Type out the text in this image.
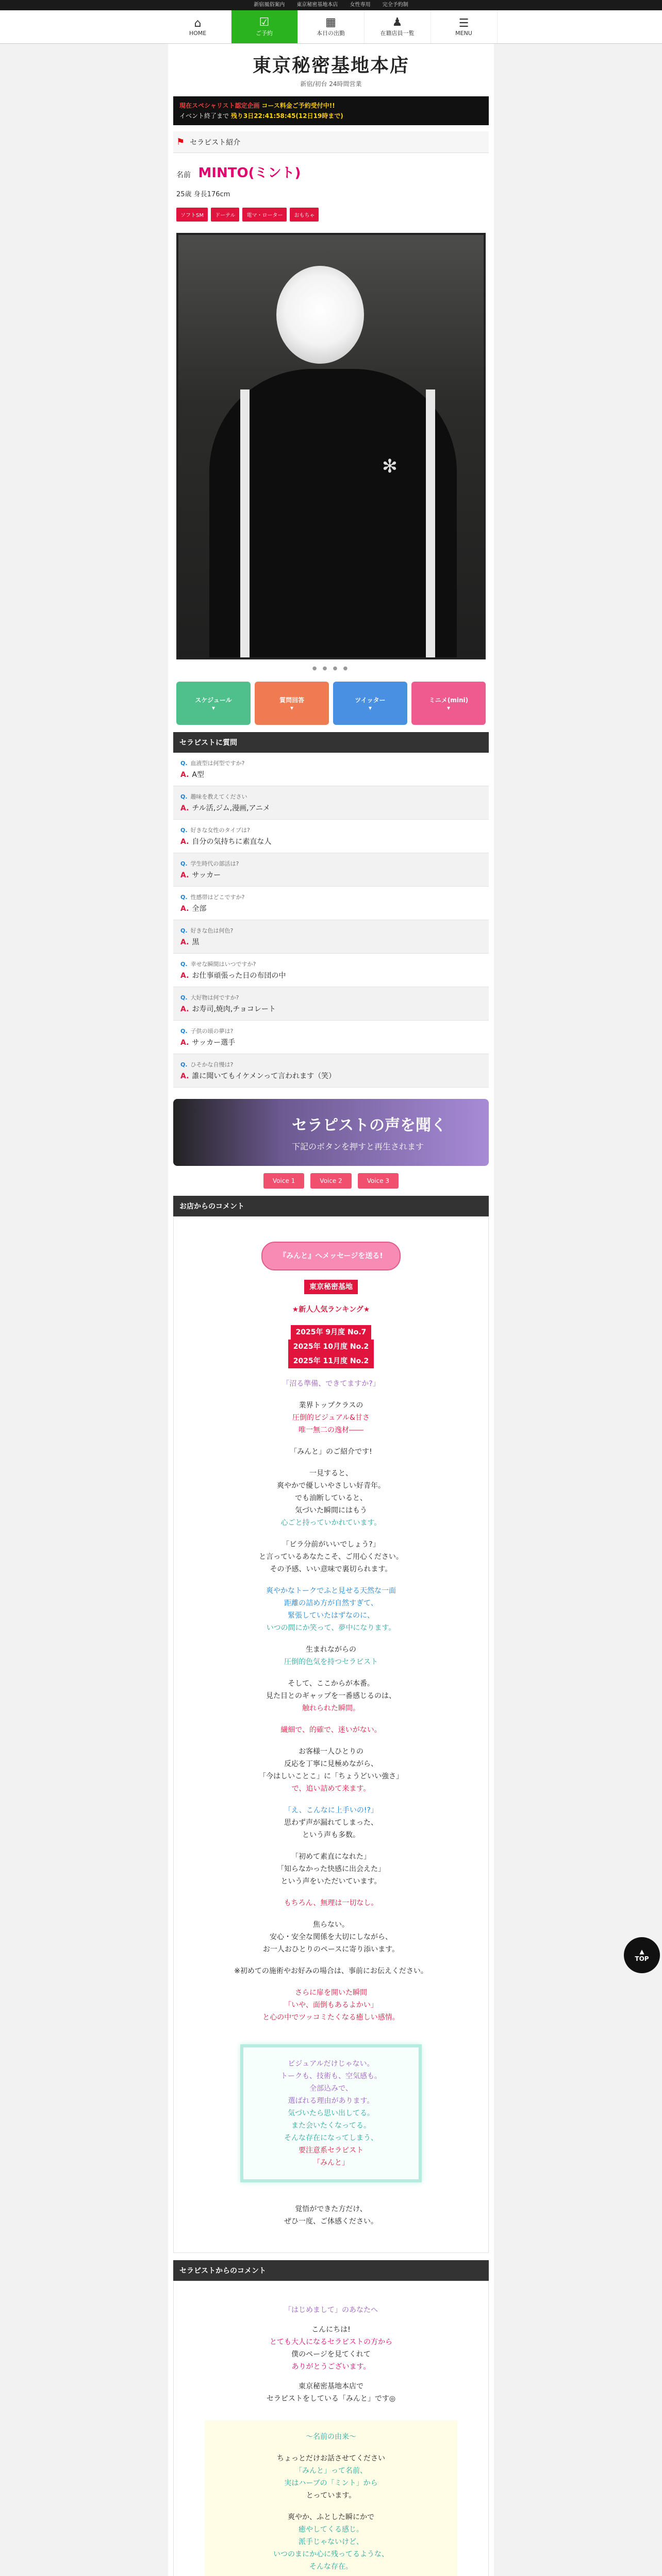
新宿風俗案内 東京秘密基地本店 女性専用 完全予約制
⌂
HOME
☑
ご予約
▦
本日の出勤
♟
在籍店員一覧
☰
MENU
東京秘密基地本店
新宿/初台 24時間営業
現在スペシャリスト認定企画 コース料金ご予約受付中!!
イベント終了まで 残り3日22:41:58:45(12日19時まで)
⚑ セラピスト紹介
名前 MINTO(ミント)
25歳 身長176cm
ソフトSM	ドーテル	電マ・ローター	おもちゃ
✻
● ● ● ●
スケジュール
▾
質問回答
▾
ツイッター
▾
ミニメ(mini)
▾
セラピストに質問
Q. 血液型は何型ですか?
A. A型
Q. 趣味を教えてください
A. チル活,ジム,漫画,アニメ
Q. 好きな女性のタイプは?
A. 自分の気持ちに素直な人
Q. 学生時代の部活は?
A. サッカー
Q. 性感帯はどこですか?
A. 全部
Q. 好きな色は何色?
A. 黒
Q. 幸せな瞬間はいつですか?
A. お仕事頑張った日の布団の中
Q. 大好物は何ですか?
A. お寿司,焼肉,チョコレート
Q. 子供の頃の夢は?
A. サッカー選手
Q. ひそかな自慢は?
A. 誰に聞いてもイケメンって言われます（笑）
セラピストの声を聞く
下記のボタンを押すと再生されます
Voice 1	Voice 2	Voice 3
お店からのコメント

『みんと』へメッセージを送る!

東京秘密基地

★新人人気ランキング★

2025年 9月度 No.7
2025年 10月度 No.2
2025年 11月度 No.2

「沼る準備、できてますか?」

業界トップクラスの
圧倒的ビジュアル&甘さ
唯一無二の逸材――

「みんと」のご紹介です!

一見すると、
爽やかで優しいやさしい好青年。
でも油断していると、
気づいた瞬間にはもう
心ごと持っていかれています。

「ビラ分前がいいでしょう?」
と言っているあなたこそ、ご用心ください。
その予感、いい意味で裏切られます。

爽やかなトークでふと見せる天然な一面
距離の詰め方が自然すぎて、
緊張していたはずなのに、
いつの間にか笑って、夢中になります。

生まれながらの
圧倒的色気を持つセラピスト

そして、ここからが本番。
見た目とのギャップを一番感じるのは、
触れられた瞬間。

繊細で、的確で、迷いがない。

お客様一人ひとりの
反応を丁寧に見極めながら、
「今はしいことこ」に「ちょうどいい強さ」
で、追い詰めて来ます。

「え、こんなに上手いの!?」
思わず声が漏れてしまった、
という声も多数。

「初めて素直になれた」
「知らなかった快感に出会えた」
という声をいただいています。

もちろん、無理は一切なし。

焦らない。
安心・安全な関係を大切にしながら、
お一人おひとりのペースに寄り添います。

※初めての施術やお好みの場合は、事前にお伝えください。

さらに扉を開いた瞬間
「いや、面倒もあるよかい」
と心の中でツッコミたくなる癒しい感情。

ビジュアルだけじゃない。
トークも、技術も、空気感も。
全部込みで、
選ばれる理由があります。
気づいたら思い出してる。
また会いたくなってる。
そんな存在になってしまう、
要注意系セラピスト
「みんと」

覚悟ができた方だけ、
ぜひ一度、ご体感ください。

セラピストからのコメント

「はじめまして」のあなたへ

こんにちは!
とても大人になるセラピストの方から
僕のページを見てくれて
ありがとうございます。

東京秘密基地本店で
セラピストをしている「みんと」です◎

～名前の由来～
ちょっとだけお話させてください
「みんと」って名前、
実はハーブの「ミント」から
とっています。
爽やか、ふとした瞬にかで
癒やしてくる感じ。
派手じゃないけど、
いつのまにか心に残ってるような、
そんな存在。
▲
TOP
